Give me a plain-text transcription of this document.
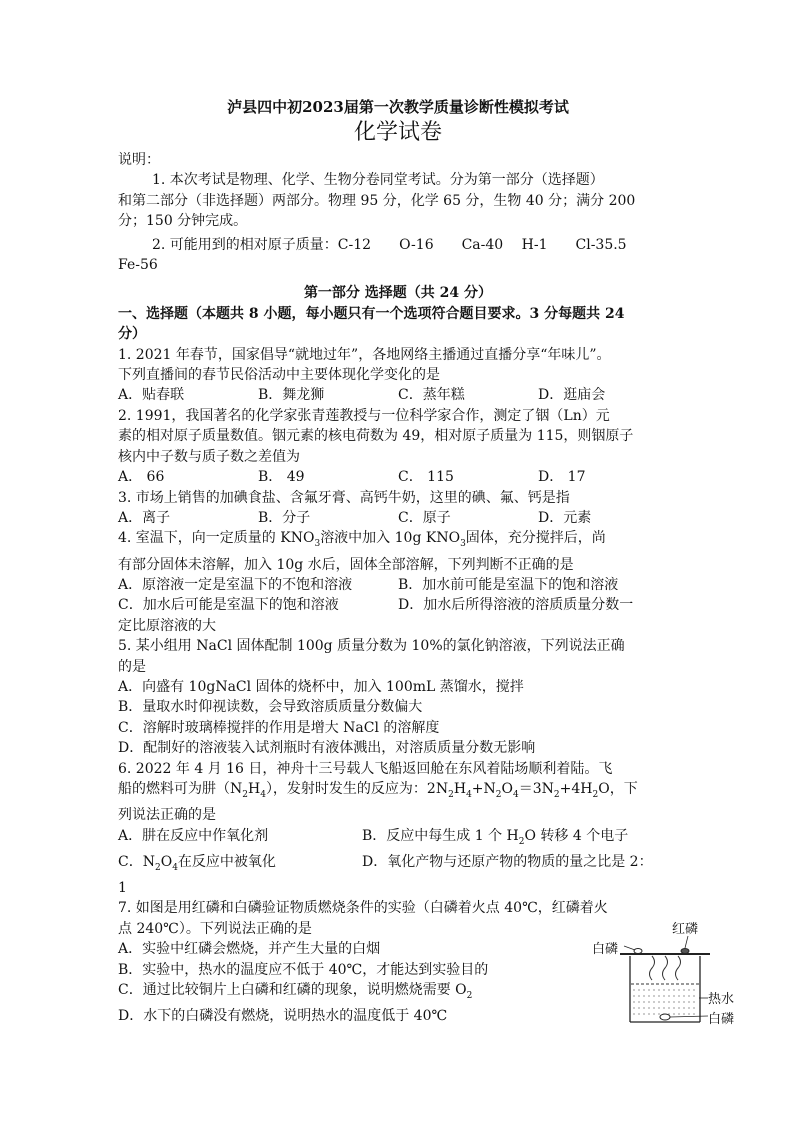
泸县四中初2023届第一次教学质量诊断性模拟考试
化学试卷
说明：
1. 本次考试是物理、化学、生物分卷同堂考试。分为第一部分（选择题）
和第二部分（非选择题）两部分。物理 95 分，化学 65 分，生物 40 分；满分 200
分；150 分钟完成。
2. 可能用到的相对原子质量：C-12　　O-16　　Ca-40　 H-1　　Cl-35.5
Fe-56
第一部分 选择题（共 24 分）
一、选择题（本题共 8 小题，每小题只有一个选项符合题目要求。3 分每题共 24
分）
1. 2021 年春节，国家倡导“就地过年”，各地网络主播通过直播分享“年味儿”。
下列直播间的春节民俗活动中主要体现化学变化的是
A．贴春联	B．舞龙狮	C．蒸年糕	D．逛庙会
2. 1991，我国著名的化学家张青莲教授与一位科学家合作，测定了铟（Ln）元
素的相对原子质量数值。铟元素的核电荷数为 49，相对原子质量为 115，则铟原子
核内中子数与质子数之差值为
A． 66	B． 49	C． 115	D． 17
3. 市场上销售的加碘食盐、含氟牙膏、高钙牛奶，这里的碘、氟、钙是指
A．离子	B．分子	C．原子	D．元素
4. 室温下，向一定质量的 $KNO_3$溶液中加入 10g $KNO_3$固体，充分搅拌后，尚
有部分固体未溶解，加入 10g 水后，固体全部溶解，下列判断不正确的是
A．原溶液一定是室温下的不饱和溶液	B．加水前可能是室温下的饱和溶液
C．加水后可能是室温下的饱和溶液	D．加水后所得溶液的溶质质量分数一
定比原溶液的大
5. 某小组用 NaCl 固体配制 100g 质量分数为 10%的氯化钠溶液，下列说法正确
的是
A．向盛有 10gNaCl 固体的烧杯中，加入 100mL 蒸馏水，搅拌
B．量取水时仰视读数，会导致溶质质量分数偏大
C．溶解时玻璃棒搅拌的作用是增大 NaCl 的溶解度
D．配制好的溶液装入试剂瓶时有液体溅出，对溶质质量分数无影响
6. 2022 年 4 月 16 日，神舟十三号载人飞船返回舱在东风着陆场顺利着陆。飞
船的燃料可为肼$(N_2H_4)$，发射时发生的反应为：$2N_2H_4+N_2O_4=3N_2+4H_2O$，下
列说法正确的是
A．肼在反应中作氧化剂	B．反应中每生成 1 个 $H_2O$ 转移 4 个电子
C．$N_2O_4$在反应中被氧化	D．氧化产物与还原产物的物质的量之比是 2：
1
7. 如图是用红磷和白磷验证物质燃烧条件的实验（白磷着火点 40℃，红磷着火
点 240℃）。下列说法正确的是
A．实验中红磷会燃烧，并产生大量的白烟
B．实验中，热水的温度应不低于 40℃，才能达到实验目的
C．通过比较铜片上白磷和红磷的现象，说明燃烧需要 $O_2$
D．水下的白磷没有燃烧，说明热水的温度低于 40℃
红磷
白磷
热水
白磷
